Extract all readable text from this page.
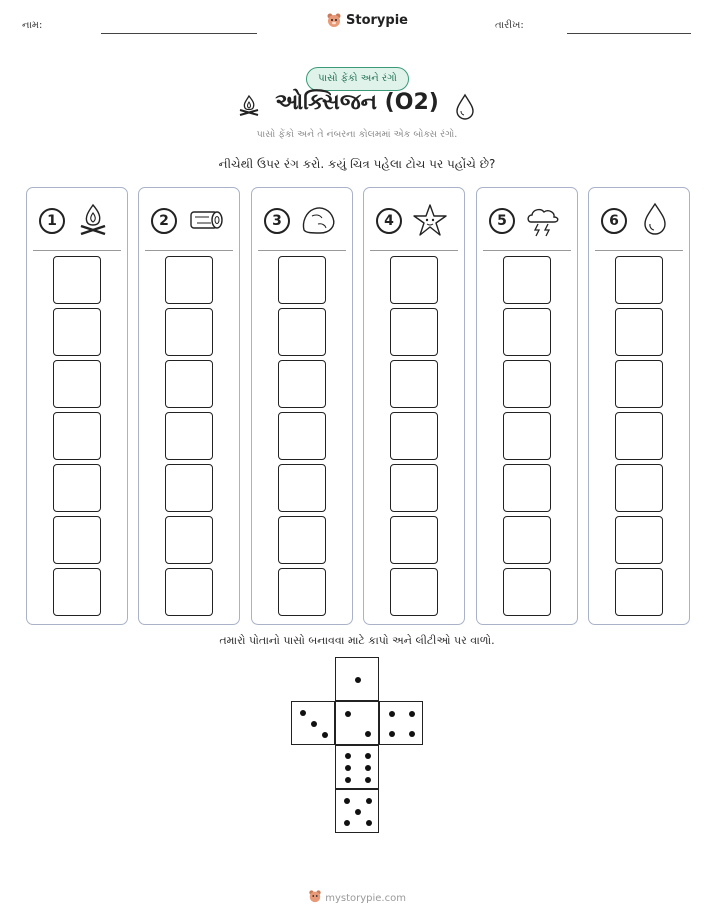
નામ:	Storypie	તારીખ:
પાસો ફેંકો અને રંગો
ઓક્સિજન (O2)
પાસો ફેંકો અને તે નંબરના કોલમમાં એક બોક્સ રંગો.
નીચેથી ઉપર રંગ કરો. કયું ચિત્ર પહેલા ટોચ પર પહોંચે છે?
1	2	3	4	5	6
તમારો પોતાનો પાસો બનાવવા માટે કાપો અને લીટીઓ પર વાળો.
mystorypie.com
